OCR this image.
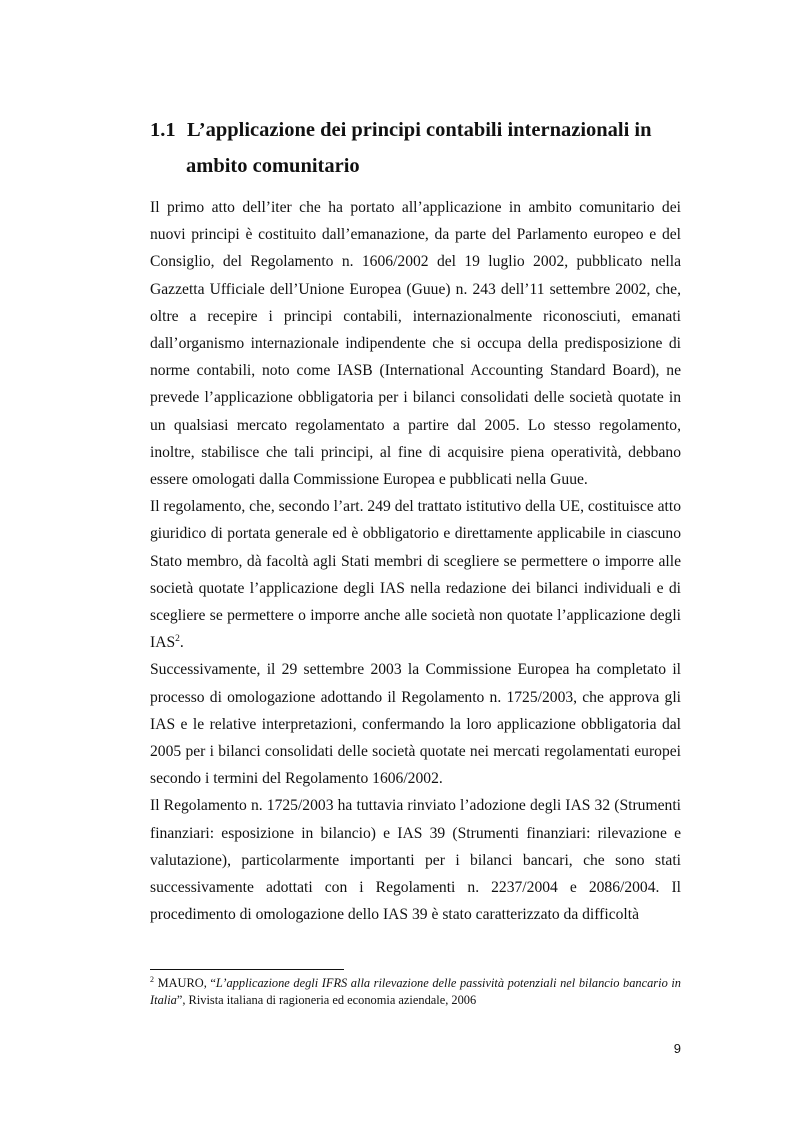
1.1 L’applicazione dei principi contabili internazionali in
ambito comunitario

Il primo atto dell’iter che ha portato all’applicazione in ambito comunitario dei nuovi principi è costituito dall’emanazione, da parte del Parlamento europeo e del Consiglio, del Regolamento n. 1606/2002 del 19 luglio 2002, pubblicato nella Gazzetta Ufficiale dell’Unione Europea (Guue) n. 243 dell’11 settembre 2002, che, oltre a recepire i principi contabili, internazionalmente riconosciuti, emanati dall’organismo internazionale indipendente che si occupa della predisposizione di norme contabili, noto come IASB (International Accounting Standard Board), ne prevede l’applicazione obbligatoria per i bilanci consolidati delle società quotate in un qualsiasi mercato regolamentato a partire dal 2005. Lo stesso regolamento, inoltre, stabilisce che tali principi, al fine di acquisire piena operatività, debbano essere omologati dalla Commissione Europea e pubblicati nella Guue.

Il regolamento, che, secondo l’art. 249 del trattato istitutivo della UE, costituisce atto giuridico di portata generale ed è obbligatorio e direttamente applicabile in ciascuno Stato membro, dà facoltà agli Stati membri di scegliere se permettere o imporre alle società quotate l’applicazione degli IAS nella redazione dei bilanci individuali e di scegliere se permettere o imporre anche alle società non quotate l’applicazione degli IAS$^2$.

Successivamente, il 29 settembre 2003 la Commissione Europea ha completato il processo di omologazione adottando il Regolamento n. 1725/2003, che approva gli IAS e le relative interpretazioni, confermando la loro applicazione obbligatoria dal 2005 per i bilanci consolidati delle società quotate nei mercati regolamentati europei secondo i termini del Regolamento 1606/2002.

Il Regolamento n. 1725/2003 ha tuttavia rinviato l’adozione degli IAS 32 (Strumenti finanziari: esposizione in bilancio) e IAS 39 (Strumenti finanziari: rilevazione e valutazione), particolarmente importanti per i bilanci bancari, che sono stati successivamente adottati con i Regolamenti n. 2237/2004 e 2086/2004. Il procedimento di omologazione dello IAS 39 è stato caratterizzato da difficoltà

$^2$ MAURO, “L’applicazione degli IFRS alla rilevazione delle passività potenziali nel bilancio bancario in Italia”, Rivista italiana di ragioneria ed economia aziendale, 2006
9
